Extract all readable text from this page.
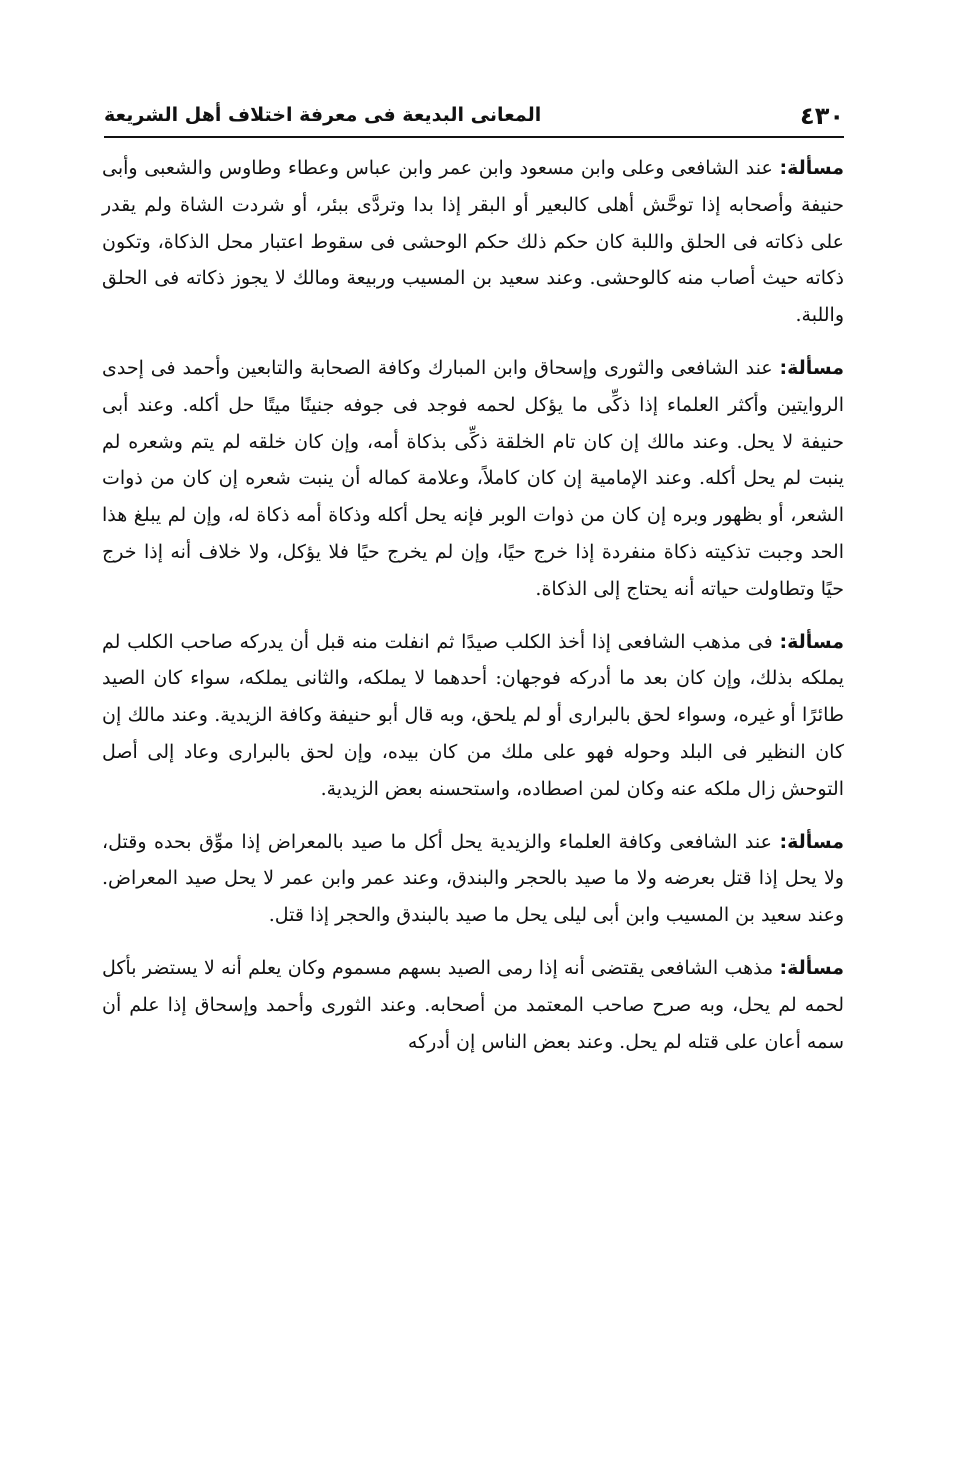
٤٣٠
المعانى البديعة فى معرفة اختلاف أهل الشريعة

مسألة: عند الشافعى وعلى وابن مسعود وابن عمر وابن عباس وعطاء وطاوس والشعبى وأبى حنيفة وأصحابه إذا توحَّش أهلى كالبعير أو البقر إذا بدا وتردَّى ببئر، أو شردت الشاة ولم يقدر على ذكاته فى الحلق واللبة كان حكم ذلك حكم الوحشى فى سقوط اعتبار محل الذكاة، وتكون ذكاته حيث أصاب منه كالوحشى. وعند سعيد بن المسيب وربيعة ومالك لا يجوز ذكاته فى الحلق واللبة.

مسألة: عند الشافعى والثورى وإسحاق وابن المبارك وكافة الصحابة والتابعين وأحمد فى إحدى الروايتين وأكثر العلماء إذا ذكِّى ما يؤكل لحمه فوجد فى جوفه جنينًا ميتًا حل أكله. وعند أبى حنيفة لا يحل. وعند مالك إن كان تام الخلقة ذكِّى بذكاة أمه، وإن كان خلقه لم يتم وشعره لم ينبت لم يحل أكله. وعند الإمامية إن كان كاملاً، وعلامة كماله أن ينبت شعره إن كان من ذوات الشعر، أو بظهور وبره إن كان من ذوات الوبر فإنه يحل أكله وذكاة أمه ذكاة له، وإن لم يبلغ هذا الحد وجبت تذكيته ذكاة منفردة إذا خرج حيًا، وإن لم يخرج حيًا فلا يؤكل، ولا خلاف أنه إذا خرج حيًا وتطاولت حياته أنه يحتاج إلى الذكاة.

مسألة: فى مذهب الشافعى إذا أخذ الكلب صيدًا ثم انفلت منه قبل أن يدركه صاحب الكلب لم يملكه بذلك، وإن كان بعد ما أدركه فوجهان: أحدهما لا يملكه، والثانى يملكه، سواء كان الصيد طائرًا أو غيره، وسواء لحق بالبرارى أو لم يلحق، وبه قال أبو حنيفة وكافة الزيدية. وعند مالك إن كان النظير فى البلد وحوله فهو على ملك من كان بيده، وإن لحق بالبرارى وعاد إلى أصل التوحش زال ملكه عنه وكان لمن اصطاده، واستحسنه بعض الزيدية.

مسألة: عند الشافعى وكافة العلماء والزيدية يحل أكل ما صيد بالمعراض إذا موِّق بحده وقتل، ولا يحل إذا قتل بعرضه ولا ما صيد بالحجر والبندق، وعند عمر وابن عمر لا يحل صيد المعراض. وعند سعيد بن المسيب وابن أبى ليلى يحل ما صيد بالبندق والحجر إذا قتل.

مسألة: مذهب الشافعى يقتضى أنه إذا رمى الصيد بسهم مسموم وكان يعلم أنه لا يستضر بأكل لحمه لم يحل، وبه صرح صاحب المعتمد من أصحابه. وعند الثورى وأحمد وإسحاق إذا علم أن سمه أعان على قتله لم يحل. وعند بعض الناس إن أدركه
